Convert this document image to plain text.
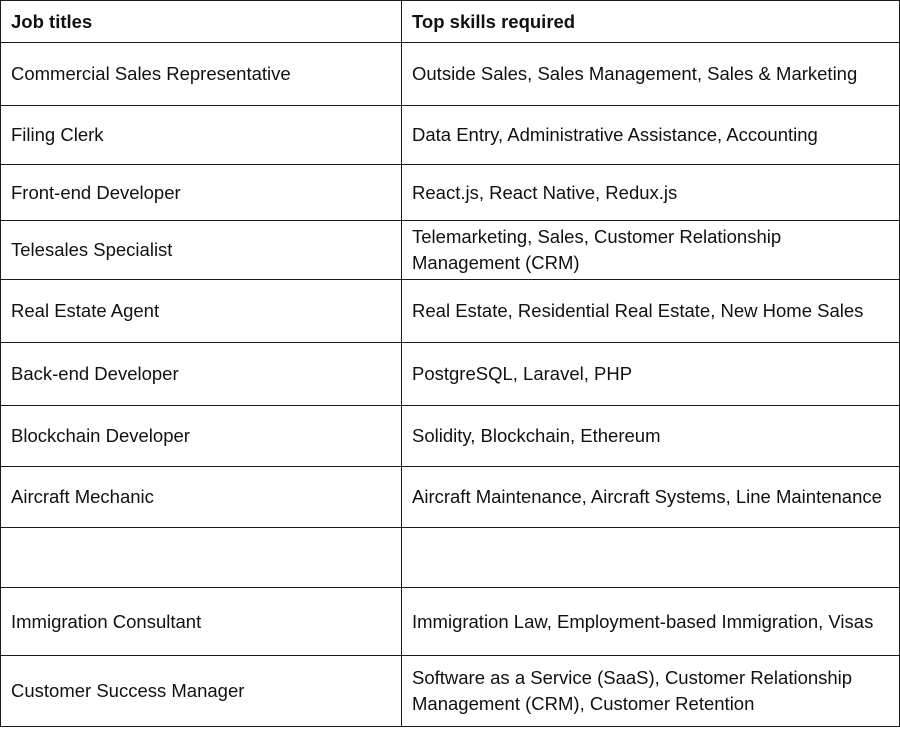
Job titles	Top skills required
Commercial Sales Representative	Outside Sales, Sales Management, Sales & Marketing
Filing Clerk	Data Entry, Administrative Assistance, Accounting
Front-end Developer	React.js, React Native, Redux.js
Telesales Specialist	Telemarketing, Sales, Customer Relationship Management (CRM)
Real Estate Agent	Real Estate, Residential Real Estate, New Home Sales
Back-end Developer	PostgreSQL, Laravel, PHP
Blockchain Developer	Solidity, Blockchain, Ethereum
Aircraft Mechanic	Aircraft Maintenance, Aircraft Systems, Line Maintenance

Immigration Consultant	Immigration Law, Employment-based Immigration, Visas
Customer Success Manager	Software as a Service (SaaS), Customer Relationship Management (CRM), Customer Retention
